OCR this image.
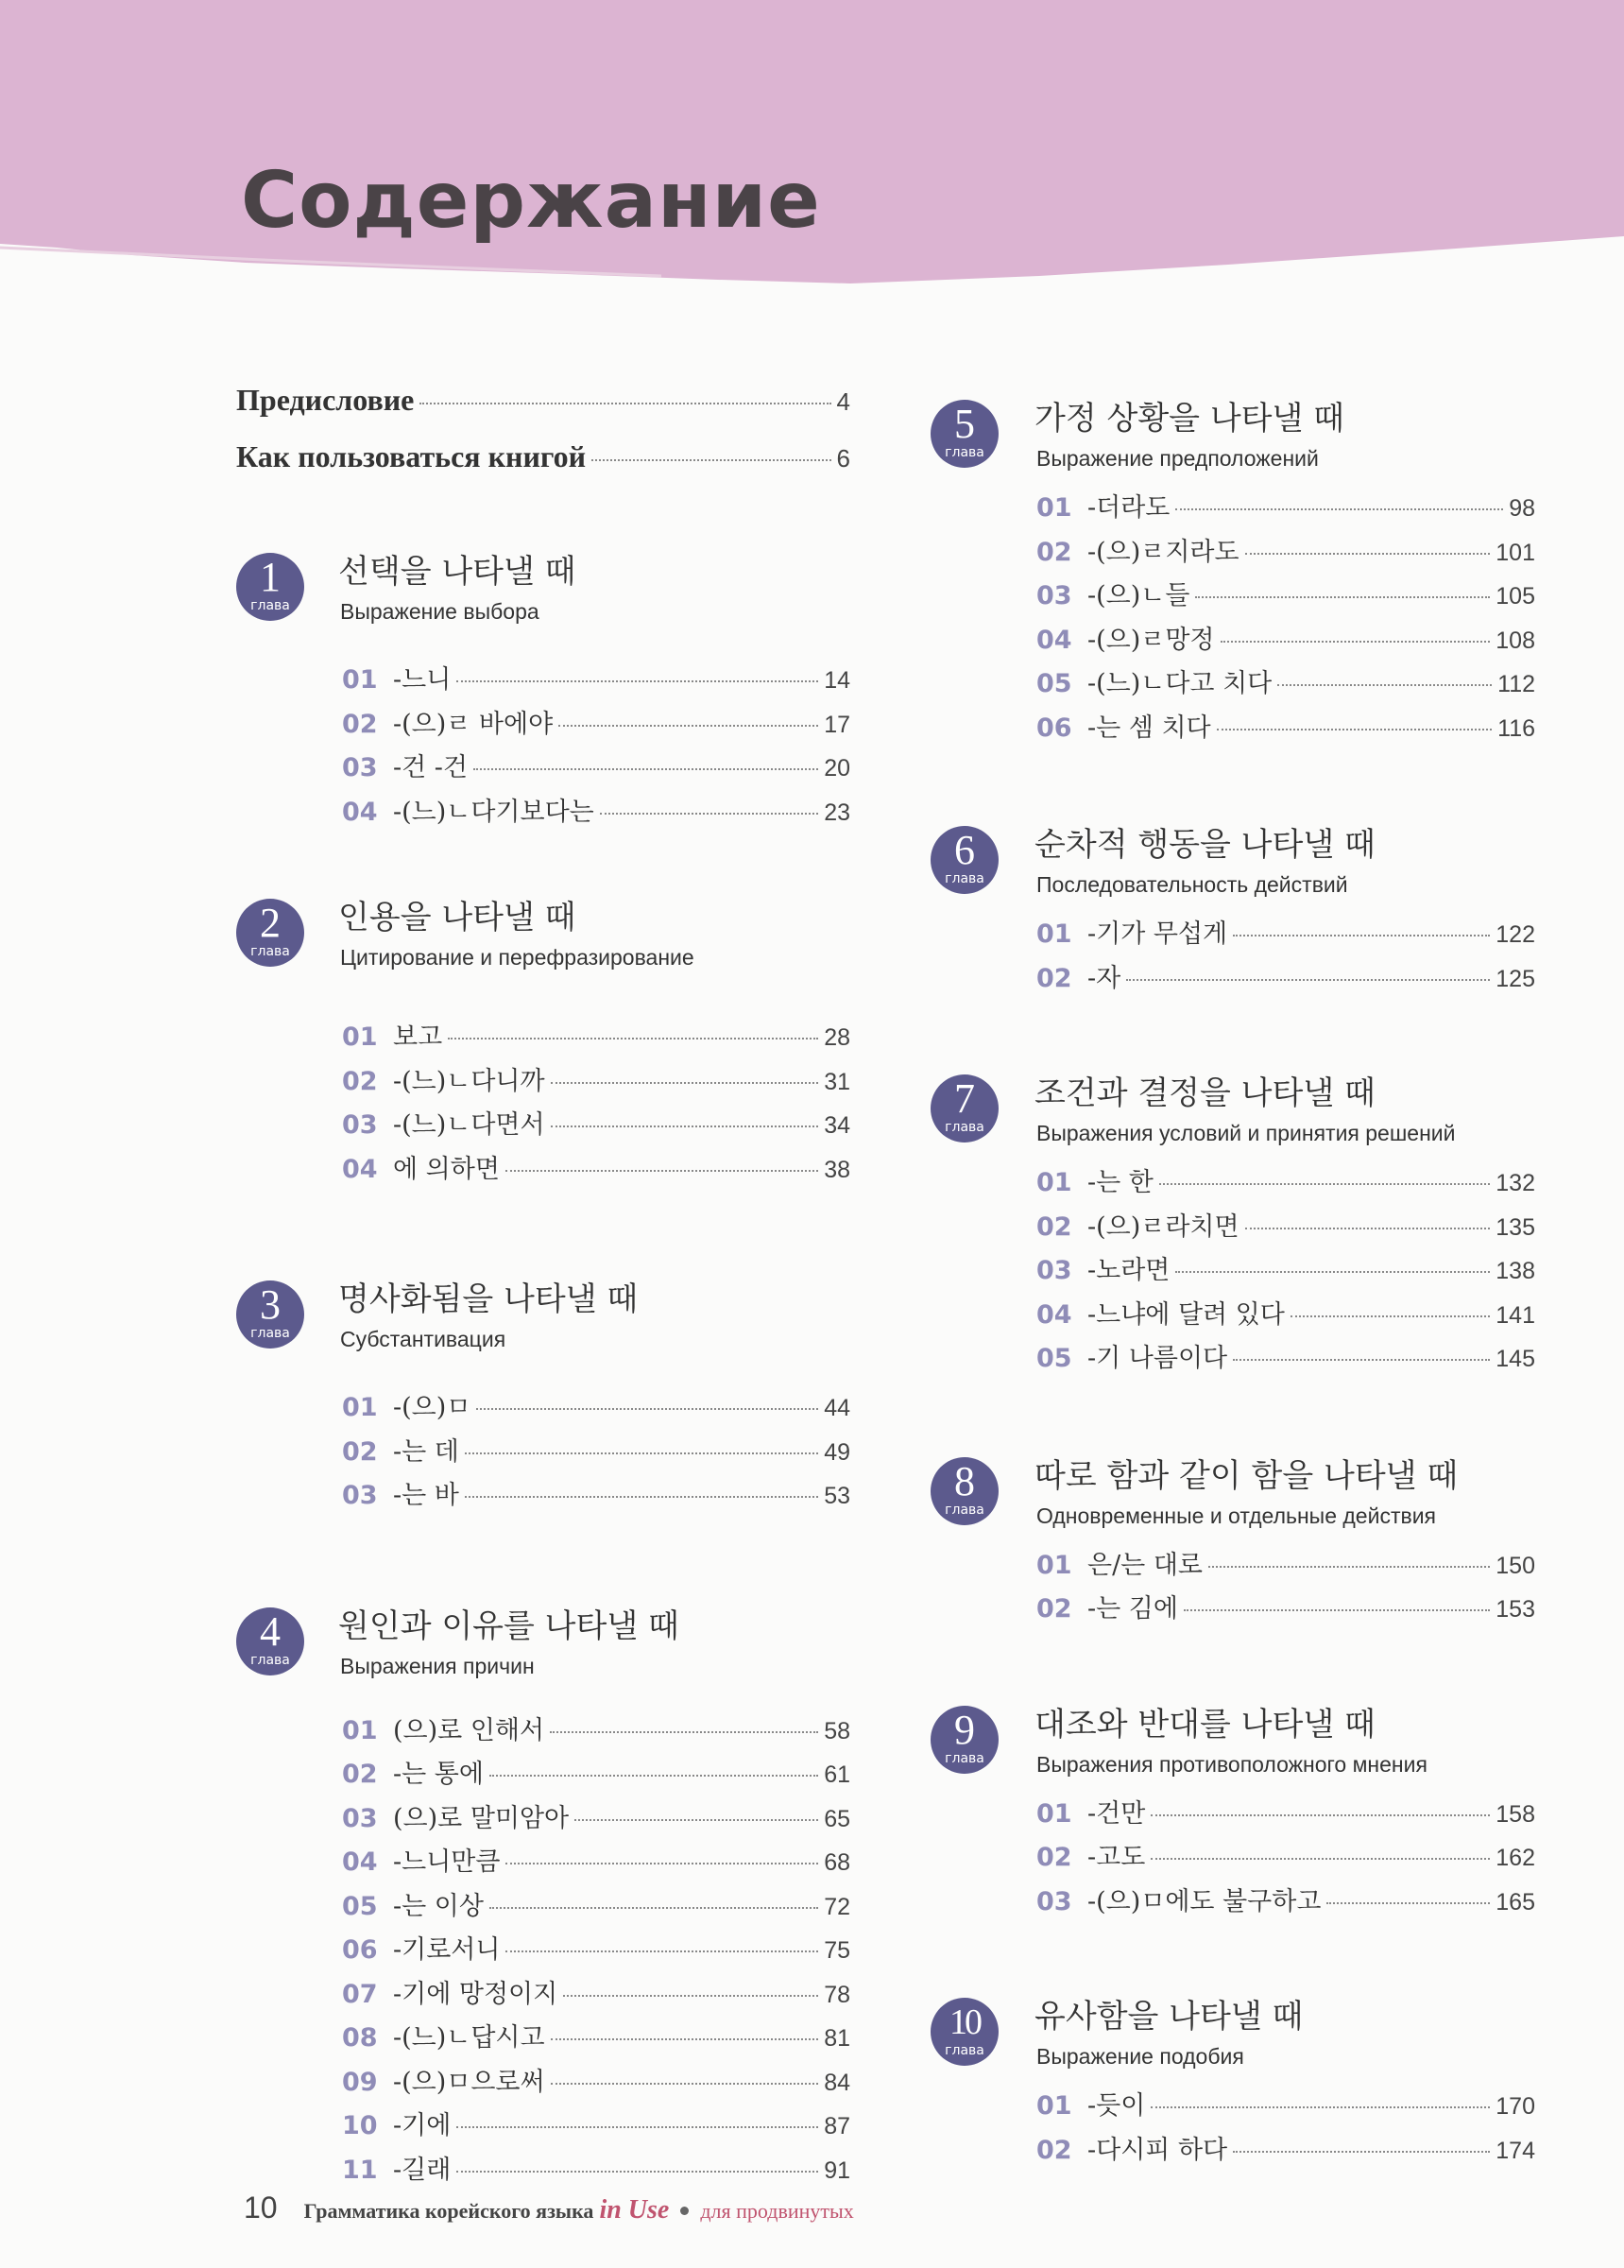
Содержание
Предисловие	4
Как пользоваться книгой	6
1
глава
선택을 나타낼 때
Выражение выбора
01 -느니	14
02 -(으)ㄹ 바에야	17
03 -건 -건	20
04 -(느)ㄴ다기보다는	23
2
глава
인용을 나타낼 때
Цитирование и перефразирование
01 보고	28
02 -(느)ㄴ다니까	31
03 -(느)ㄴ다면서	34
04 에 의하면	38
3
глава
명사화됨을 나타낼 때
Субстантивация
01 -(으)ㅁ	44
02 -는 데	49
03 -는 바	53
4
глава
원인과 이유를 나타낼 때
Выражения причин
01 (으)로 인해서	58
02 -는 통에	61
03 (으)로 말미암아	65
04 -느니만큼	68
05 -는 이상	72
06 -기로서니	75
07 -기에 망정이지	78
08 -(느)ㄴ답시고	81
09 -(으)ㅁ으로써	84
10 -기에	87
11 -길래	91
5
глава
가정 상황을 나타낼 때
Выражение предположений
01 -더라도	98
02 -(으)ㄹ지라도	101
03 -(으)ㄴ들	105
04 -(으)ㄹ망정	108
05 -(느)ㄴ다고 치다	112
06 -는 셈 치다	116
6
глава
순차적 행동을 나타낼 때
Последовательность действий
01 -기가 무섭게	122
02 -자	125
7
глава
조건과 결정을 나타낼 때
Выражения условий и принятия решений
01 -는 한	132
02 -(으)ㄹ라치면	135
03 -노라면	138
04 -느냐에 달려 있다	141
05 -기 나름이다	145
8
глава
따로 함과 같이 함을 나타낼 때
Одновременные и отдельные действия
01 은/는 대로	150
02 -는 김에	153
9
глава
대조와 반대를 나타낼 때
Выражения противоположного мнения
01 -건만	158
02 -고도	162
03 -(으)ㅁ에도 불구하고	165
10
глава
유사함을 나타낼 때
Выражение подобия
01 -듯이	170
02 -다시피 하다	174
10 Грамматика корейского языка in Use для продвинутых
